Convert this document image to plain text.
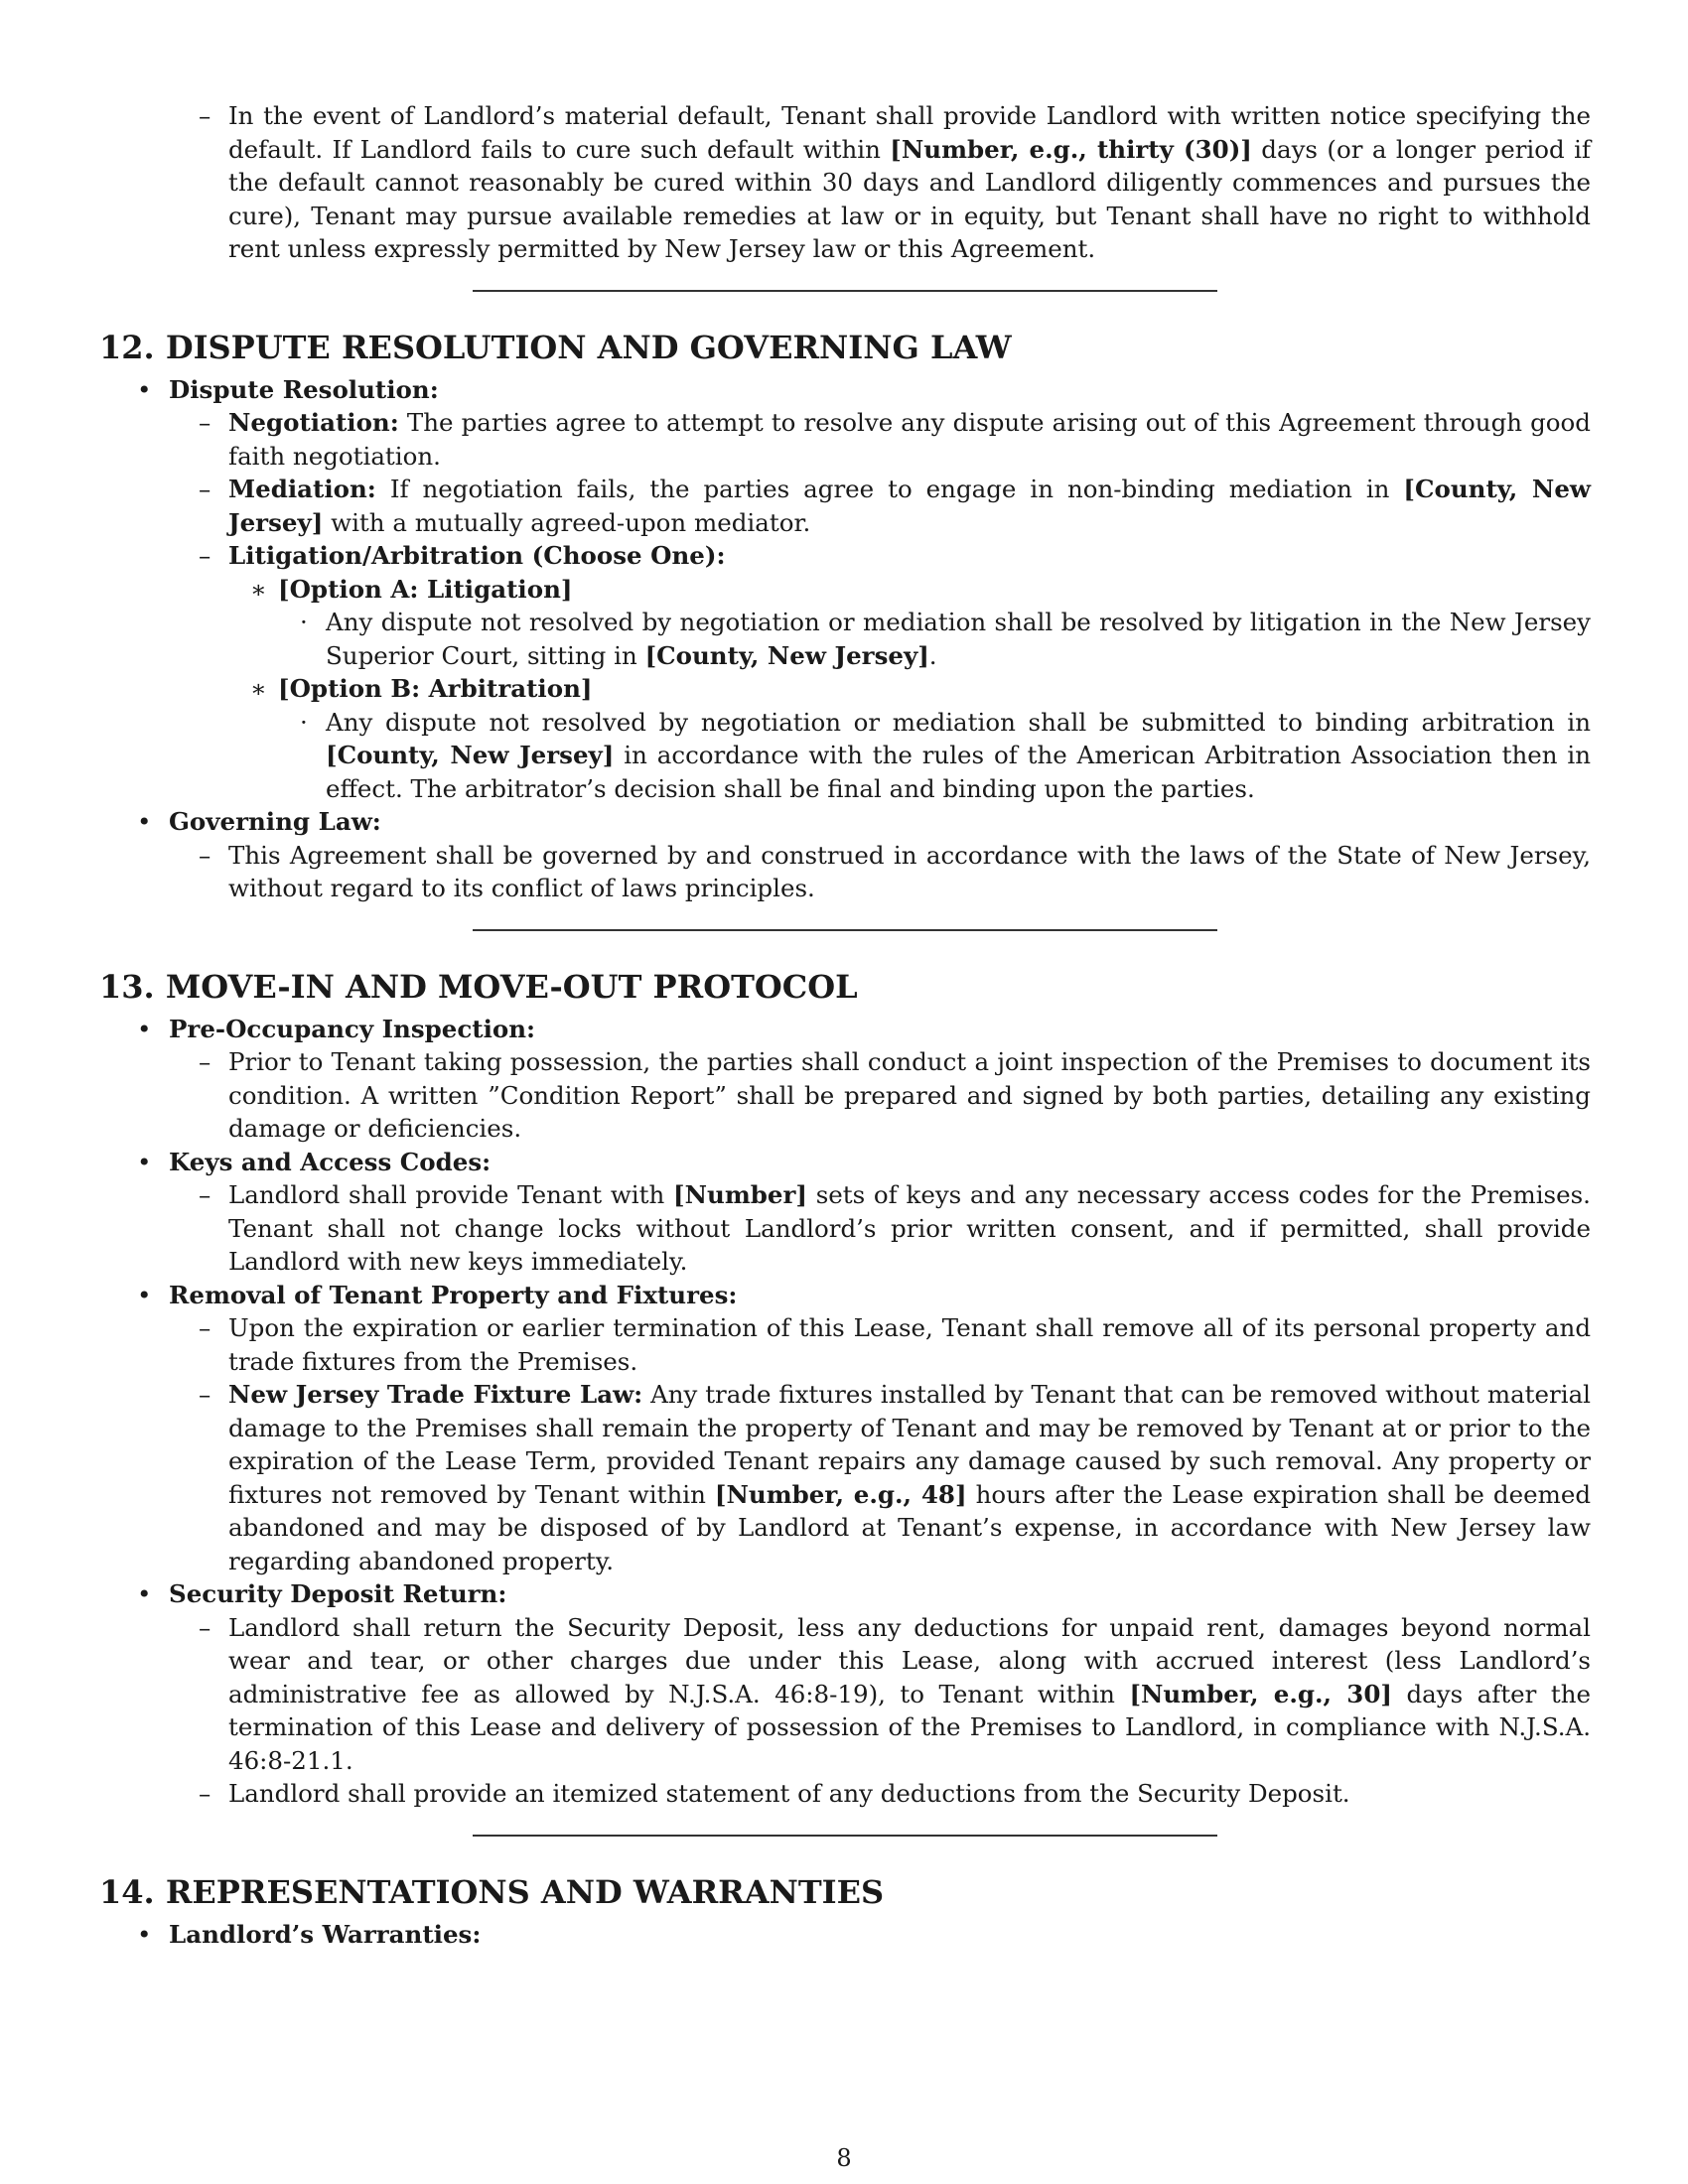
– In the event of Landlord’s material default, Tenant shall provide Landlord with written notice specifying the default. If Landlord fails to cure such default within [Number, e.g., thirty (30)] days (or a longer period if the default cannot reasonably be cured within 30 days and Landlord diligently commences and pursues the cure), Tenant may pursue available remedies at law or in equity, but Tenant shall have no right to withhold rent unless expressly permitted by New Jersey law or this Agreement.

12. DISPUTE RESOLUTION AND GOVERNING LAW

• Dispute Resolution:

– Negotiation: The parties agree to attempt to resolve any dispute arising out of this Agreement through good faith negotiation.

– Mediation: If negotiation fails, the parties agree to engage in non-binding mediation in [County, New Jersey] with a mutually agreed-upon mediator.

– Litigation/Arbitration (Choose One):

∗ [Option A: Litigation]

· Any dispute not resolved by negotiation or mediation shall be resolved by litigation in the New Jersey Superior Court, sitting in [County, New Jersey].

∗ [Option B: Arbitration]

· Any dispute not resolved by negotiation or mediation shall be submitted to binding arbitration in [County, New Jersey] in accordance with the rules of the American Arbitration Association then in effect. The arbitrator’s decision shall be final and binding upon the parties.

• Governing Law:

– This Agreement shall be governed by and construed in accordance with the laws of the State of New Jersey, without regard to its conflict of laws principles.

13. MOVE-IN AND MOVE-OUT PROTOCOL

• Pre-Occupancy Inspection:

– Prior to Tenant taking possession, the parties shall conduct a joint inspection of the Premises to document its condition. A written ”Condition Report” shall be prepared and signed by both parties, detailing any existing damage or deficiencies.

• Keys and Access Codes:

– Landlord shall provide Tenant with [Number] sets of keys and any necessary access codes for the Premises. Tenant shall not change locks without Landlord’s prior written consent, and if permitted, shall provide Landlord with new keys immediately.

• Removal of Tenant Property and Fixtures:

– Upon the expiration or earlier termination of this Lease, Tenant shall remove all of its personal property and trade fixtures from the Premises.

– New Jersey Trade Fixture Law: Any trade fixtures installed by Tenant that can be removed without material damage to the Premises shall remain the property of Tenant and may be removed by Tenant at or prior to the expiration of the Lease Term, provided Tenant repairs any damage caused by such removal. Any property or fixtures not removed by Tenant within [Number, e.g., 48] hours after the Lease expiration shall be deemed abandoned and may be disposed of by Landlord at Tenant’s expense, in accordance with New Jersey law regarding abandoned property.

• Security Deposit Return:

– Landlord shall return the Security Deposit, less any deductions for unpaid rent, damages beyond normal wear and tear, or other charges due under this Lease, along with accrued interest (less Landlord’s administrative fee as allowed by N.J.S.A. 46:8-19), to Tenant within [Number, e.g., 30] days after the termination of this Lease and delivery of possession of the Premises to Landlord, in compliance with N.J.S.A. 46:8-21.1.

– Landlord shall provide an itemized statement of any deductions from the Security Deposit.

14. REPRESENTATIONS AND WARRANTIES

• Landlord’s Warranties:

8
